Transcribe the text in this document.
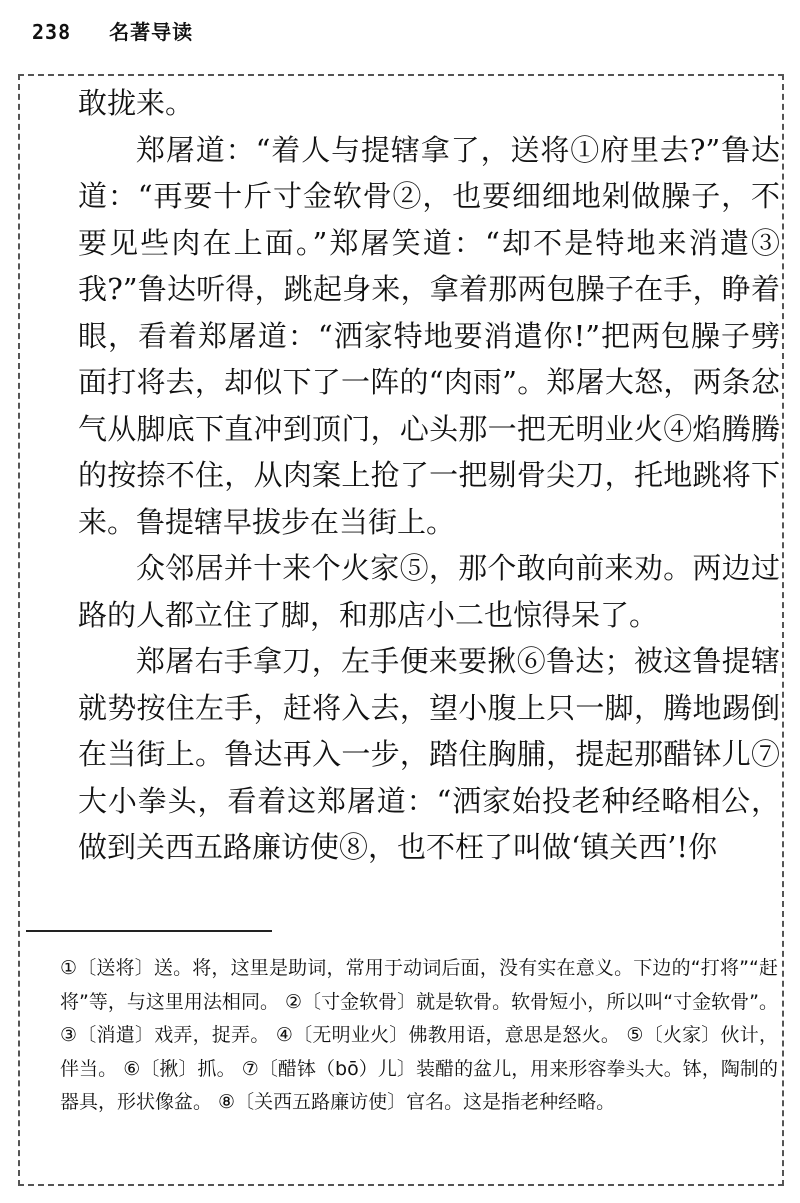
238 名著导读

敢拢来。

郑屠道：“着人与提辖拿了，送将①府里去?”鲁达道：“再要十斤寸金软骨②，也要细细地剁做臊子，不要见些肉在上面。”郑屠笑道：“却不是特地来消遣③我?”鲁达听得，跳起身来，拿着那两包臊子在手，睁着眼，看着郑屠道：“洒家特地要消遣你!”把两包臊子劈面打将去，却似下了一阵的“肉雨”。郑屠大怒，两条忿气从脚底下直冲到顶门，心头那一把无明业火④焰腾腾的按捺不住，从肉案上抢了一把剔骨尖刀，托地跳将下来。鲁提辖早拔步在当街上。

众邻居并十来个火家⑤，那个敢向前来劝。两边过路的人都立住了脚，和那店小二也惊得呆了。

郑屠右手拿刀，左手便来要揪⑥鲁达；被这鲁提辖就势按住左手，赶将入去，望小腹上只一脚，腾地踢倒在当街上。鲁达再入一步，踏住胸脯，提起那醋钵儿⑦大小拳头，看着这郑屠道：“洒家始投老种经略相公，做到关西五路廉访使⑧，也不枉了叫做‘镇关西’!你

①〔送将〕送。将，这里是助词，常用于动词后面，没有实在意义。下边的“打将”“赶将”等，与这里用法相同。 ②〔寸金软骨〕就是软骨。软骨短小，所以叫“寸金软骨”。 ③〔消遣〕戏弄，捉弄。 ④〔无明业火〕佛教用语，意思是怒火。 ⑤〔火家〕伙计，伴当。 ⑥〔揪〕抓。 ⑦〔醋钵（bō）儿〕装醋的盆儿，用来形容拳头大。钵，陶制的器具，形状像盆。 ⑧〔关西五路廉访使〕官名。这是指老种经略。
